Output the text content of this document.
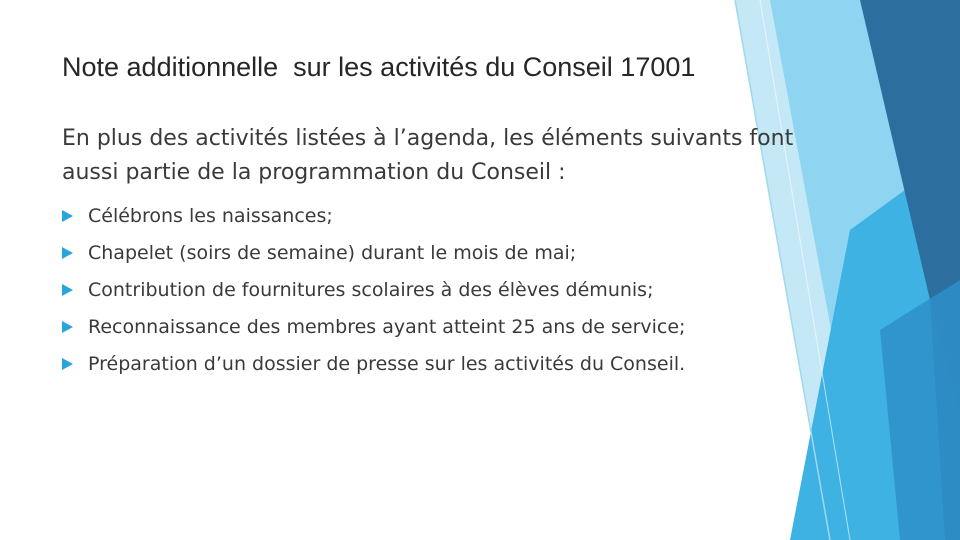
Note additionnelle  sur les activités du Conseil 17001

En plus des activités listées à l’agenda, les éléments suivants font aussi partie de la programmation du Conseil :

Célébrons les naissances;
Chapelet (soirs de semaine) durant le mois de mai;
Contribution de fournitures scolaires à des élèves démunis;
Reconnaissance des membres ayant atteint 25 ans de service;
Préparation d’un dossier de presse sur les activités du Conseil.
